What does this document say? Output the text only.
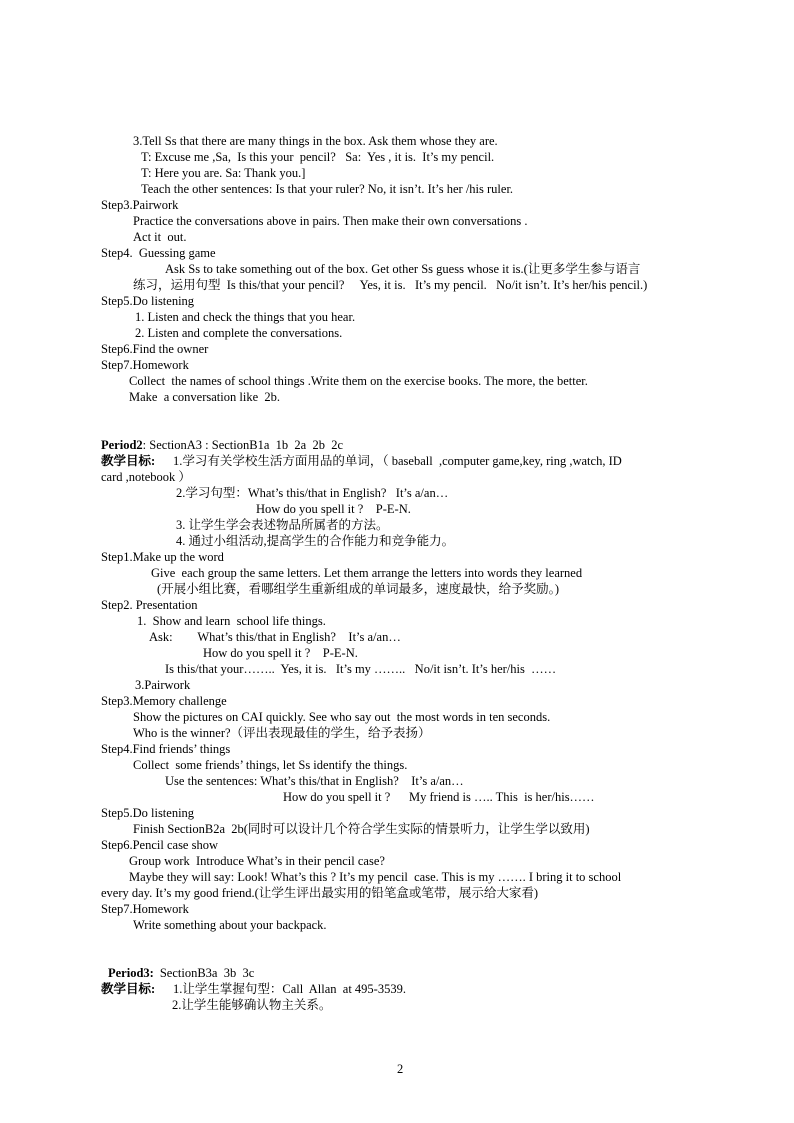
3.Tell Ss that there are many things in the box. Ask them whose they are.
T: Excuse me ,Sa,  Is this your  pencil?   Sa:  Yes , it is.  It’s my pencil.
T: Here you are. Sa: Thank you.]
Teach the other sentences: Is that your ruler? No, it isn’t. It’s her /his ruler.
Step3.Pairwork
Practice the conversations above in pairs. Then make their own conversations .
Act it  out.
Step4.  Guessing game
Ask Ss to take something out of the box. Get other Ss guess whose it is.(让更多学生参与语言
练习，运用句型  Is this/that your pencil?     Yes, it is.   It’s my pencil.   No/it isn’t. It’s her/his pencil.)
Step5.Do listening
1. Listen and check the things that you hear.
2. Listen and complete the conversations.
Step6.Find the owner
Step7.Homework
Collect  the names of school things .Write them on the exercise books. The more, the better.
Make  a conversation like  2b.
Period2: SectionA3 : SectionB1a  1b  2a  2b  2c
教学目标: 1.学习有关学校生活方面用品的单词，（ baseball  ,computer game,key, ring ,watch, ID
card ,notebook ）
2.学习句型：What’s this/that in English?   It’s a/an…
How do you spell it ?    P-E-N.
3. 让学生学会表述物品所属者的方法。
4. 通过小组活动,提高学生的合作能力和竞争能力。
Step1.Make up the word
Give  each group the same letters. Let them arrange the letters into words they learned
(开展小组比赛，看哪组学生重新组成的单词最多，速度最快，给予奖励。)
Step2. Presentation
1.  Show and learn  school life things.
Ask:        What’s this/that in English?    It’s a/an…
How do you spell it ?    P-E-N.
Is this/that your……..  Yes, it is.   It’s my ……..   No/it isn’t. It’s her/his  ……
3.Pairwork
Step3.Memory challenge
Show the pictures on CAI quickly. See who say out  the most words in ten seconds.
Who is the winner?（评出表现最佳的学生，给予表扬）
Step4.Find friends’ things
Collect  some friends’ things, let Ss identify the things.
Use the sentences: What’s this/that in English?    It’s a/an…
How do you spell it ?      My friend is ….. This  is her/his……
Step5.Do listening
Finish SectionB2a  2b(同时可以设计几个符合学生实际的情景听力，让学生学以致用)
Step6.Pencil case show
Group work  Introduce What’s in their pencil case?
Maybe they will say: Look! What’s this ? It’s my pencil  case. This is my ……. I bring it to school
every day. It’s my good friend.(让学生评出最实用的铅笔盒或笔带，展示给大家看)
Step7.Homework
Write something about your backpack.
Period3: SectionB3a  3b  3c
教学目标: 1.让学生掌握句型：Call  Allan  at 495-3539.
2.让学生能够确认物主关系。
2
